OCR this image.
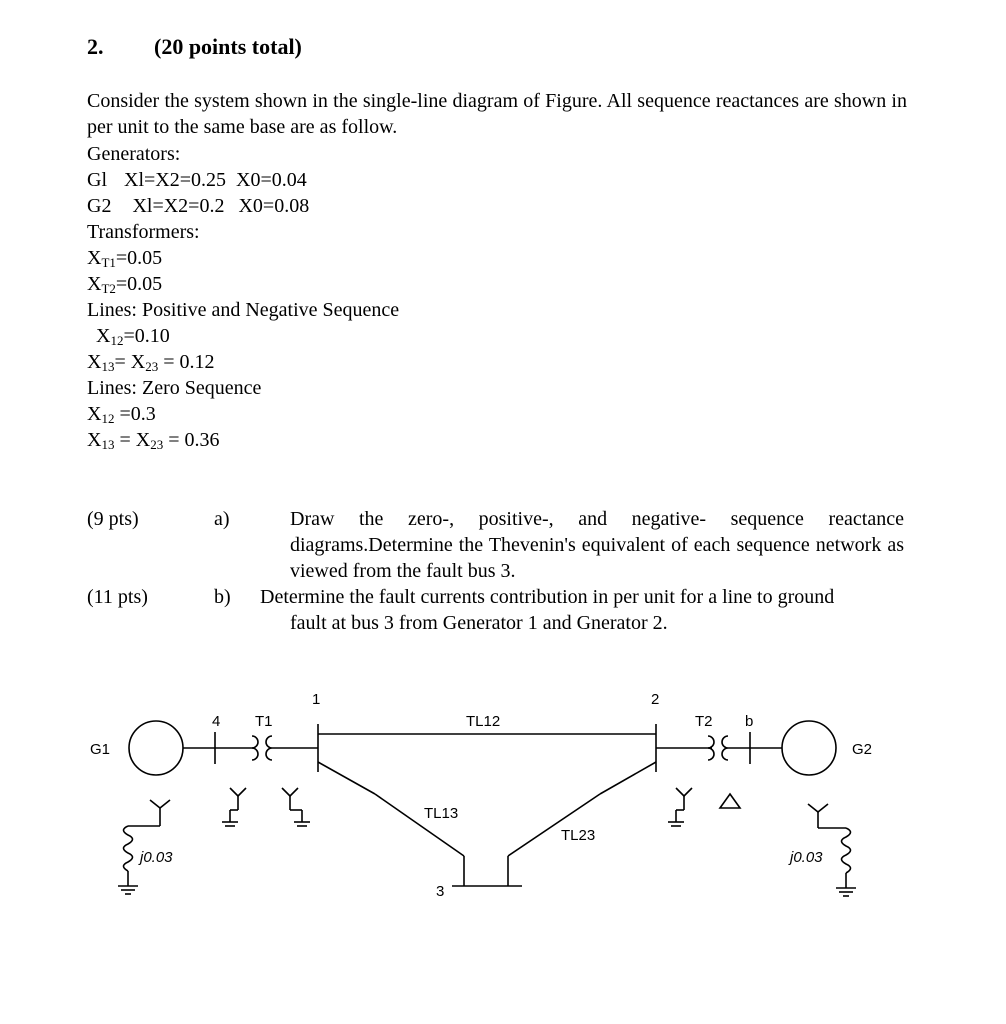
2. (20 points total)
Consider the system shown in the single-line diagram of Figure. All sequence reactances are shown in per unit to the same base are as follow.
Generators:
Gl Xl=X2=0.25 X0=0.04
G2 Xl=X2=0.2 X0=0.08
Transformers:
$X_{T1}=0.05$
$X_{T2}=0.05$
Lines: Positive and Negative Sequence
$X_{12}=0.10$
$X_{13}= X_{23} = 0.12$
Lines: Zero Sequence
$X_{12} =0.3$
$X_{13} = X_{23} = 0.36$
(9 pts)	a)	Draw the zero-, positive-, and negative- sequence reactance diagrams.Determine the Thevenin's equivalent of each sequence network as viewed from the fault bus 3.
(11 pts)	b) Determine the fault currents contribution in per unit for a line to ground
fault at bus 3 from Generator 1 and Gnerator 2.
G1	G2
4 T1
1
TL12
2
T2 b
TL13
TL23
3
j0.03	j0.03
